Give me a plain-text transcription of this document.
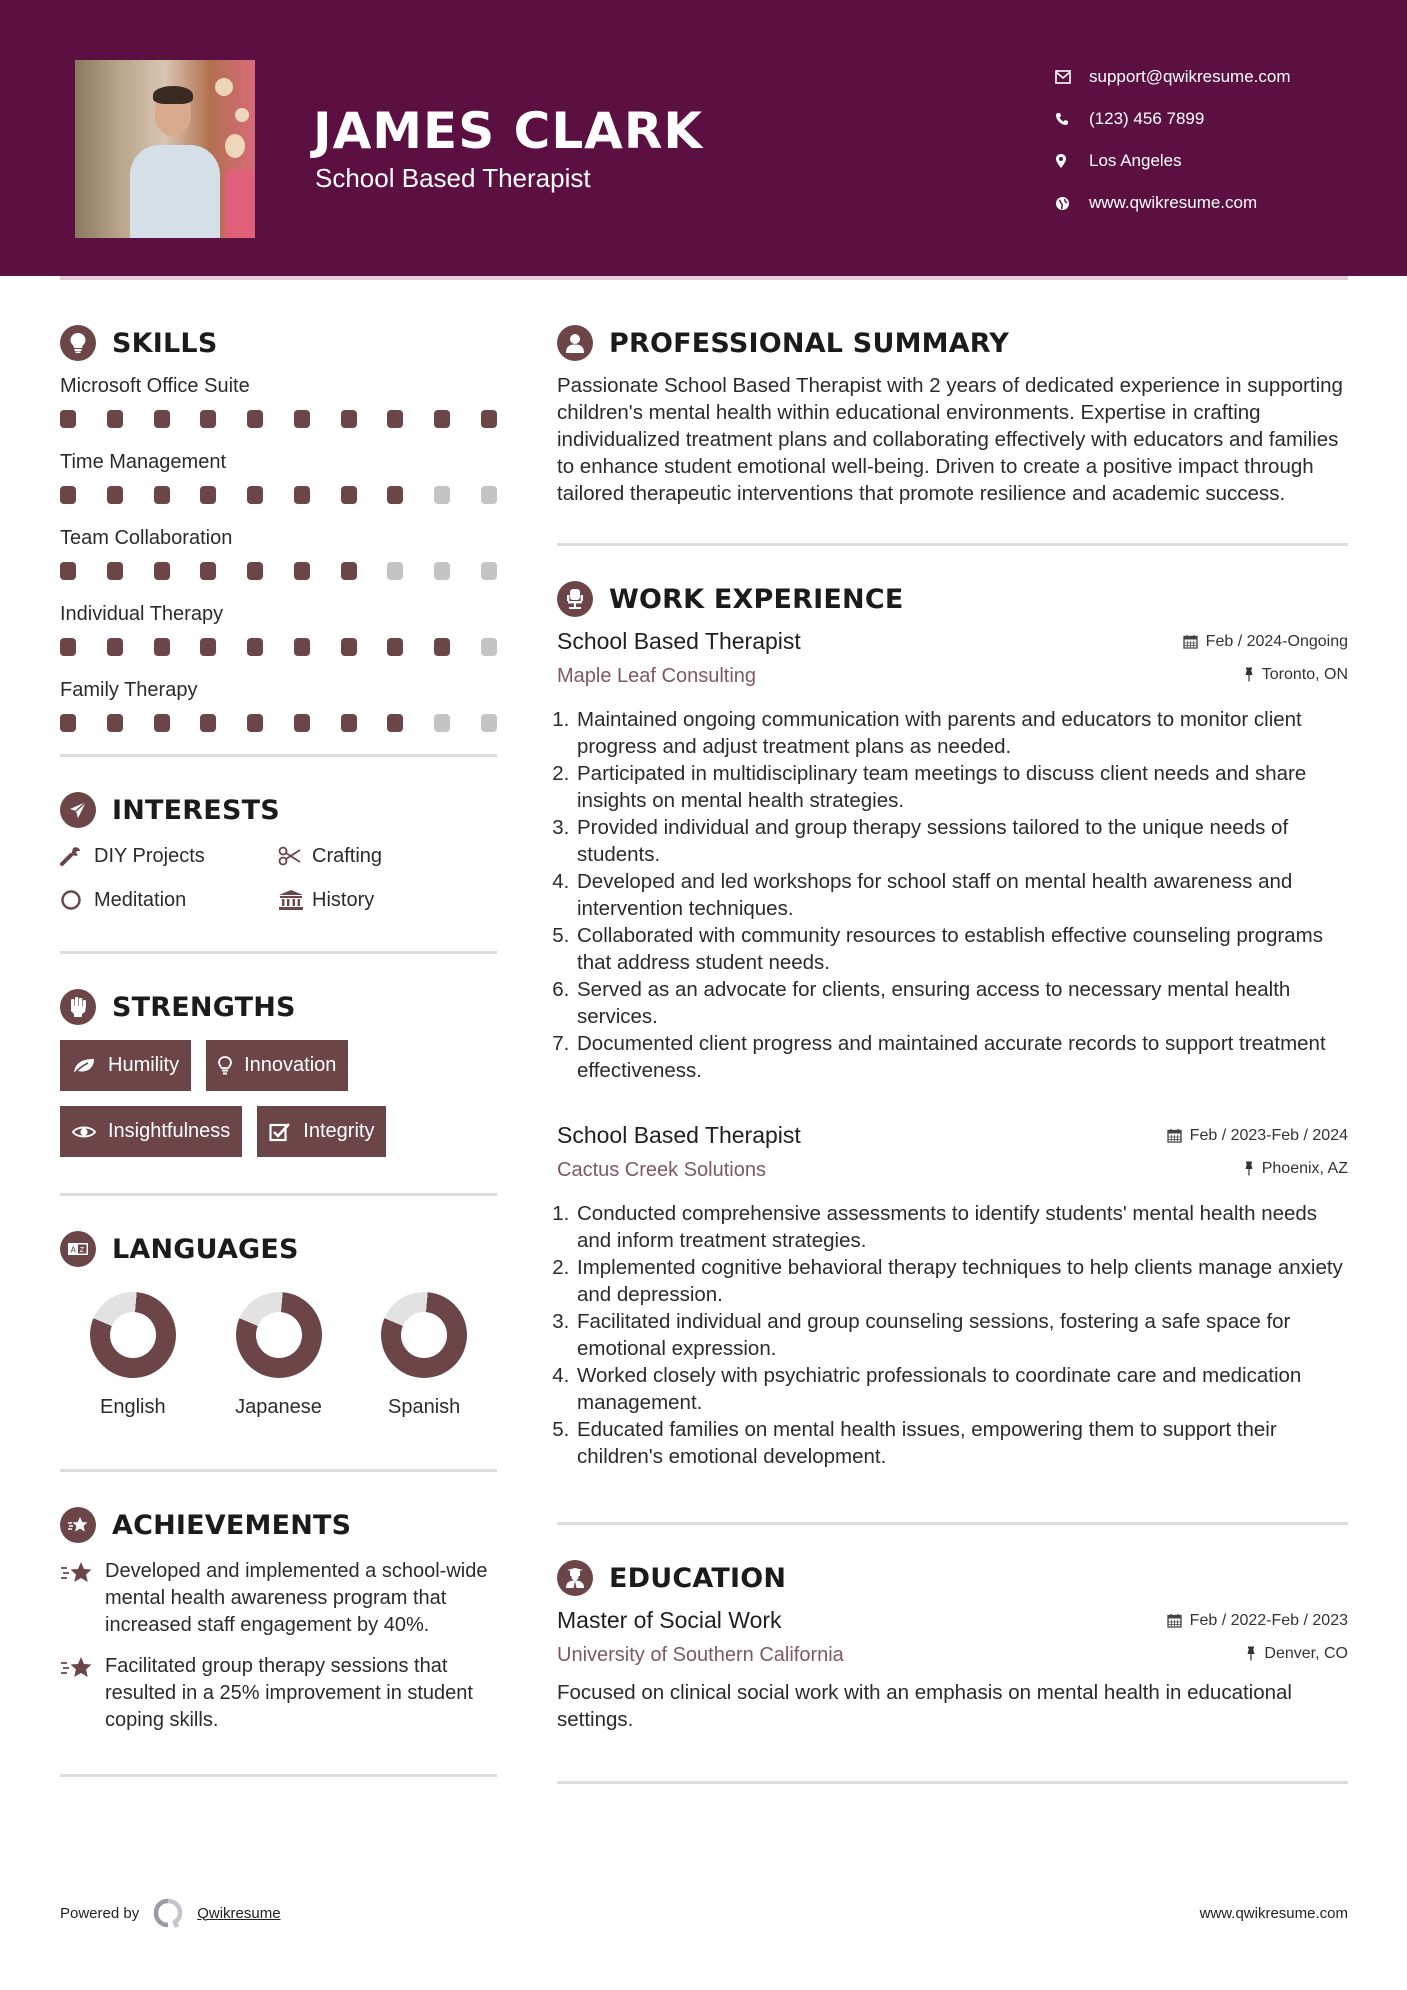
JAMES CLARK
School Based Therapist
support@qwikresume.com
(123) 456 7899
Los Angeles
www.qwikresume.com
SKILLS
Microsoft Office Suite
Time Management
Team Collaboration
Individual Therapy
Family Therapy
INTERESTS
DIY Projects	Crafting
Meditation	History
STRENGTHS
Humility	Innovation
Insightfulness	Integrity
A Z LANGUAGES
English	Japanese	Spanish
ACHIEVEMENTS
Developed and implemented a school-wide mental health awareness program that increased staff engagement by 40%.
Facilitated group therapy sessions that resulted in a 25% improvement in student coping skills.
PROFESSIONAL SUMMARY

Passionate School Based Therapist with 2 years of dedicated experience in supporting children's mental health within educational environments. Expertise in crafting individualized treatment plans and collaborating effectively with educators and families to enhance student emotional well-being. Driven to create a positive impact through tailored therapeutic interventions that promote resilience and academic success.

WORK EXPERIENCE
School Based Therapist	Feb / 2024-Ongoing
Maple Leaf Consulting	Toronto, ON
1. Maintained ongoing communication with parents and educators to monitor client progress and adjust treatment plans as needed.
2. Participated in multidisciplinary team meetings to discuss client needs and share insights on mental health strategies.
3. Provided individual and group therapy sessions tailored to the unique needs of students.
4. Developed and led workshops for school staff on mental health awareness and intervention techniques.
5. Collaborated with community resources to establish effective counseling programs that address student needs.
6. Served as an advocate for clients, ensuring access to necessary mental health services.
7. Documented client progress and maintained accurate records to support treatment effectiveness.
School Based Therapist	Feb / 2023-Feb / 2024
Cactus Creek Solutions	Phoenix, AZ
1. Conducted comprehensive assessments to identify students' mental health needs and inform treatment strategies.
2. Implemented cognitive behavioral therapy techniques to help clients manage anxiety and depression.
3. Facilitated individual and group counseling sessions, fostering a safe space for emotional expression.
4. Worked closely with psychiatric professionals to coordinate care and medication management.
5. Educated families on mental health issues, empowering them to support their children's emotional development.
EDUCATION
Master of Social Work	Feb / 2022-Feb / 2023
University of Southern California	Denver, CO

Focused on clinical social work with an emphasis on mental health in educational settings.

Powered by	Qwikresume	www.qwikresume.com
